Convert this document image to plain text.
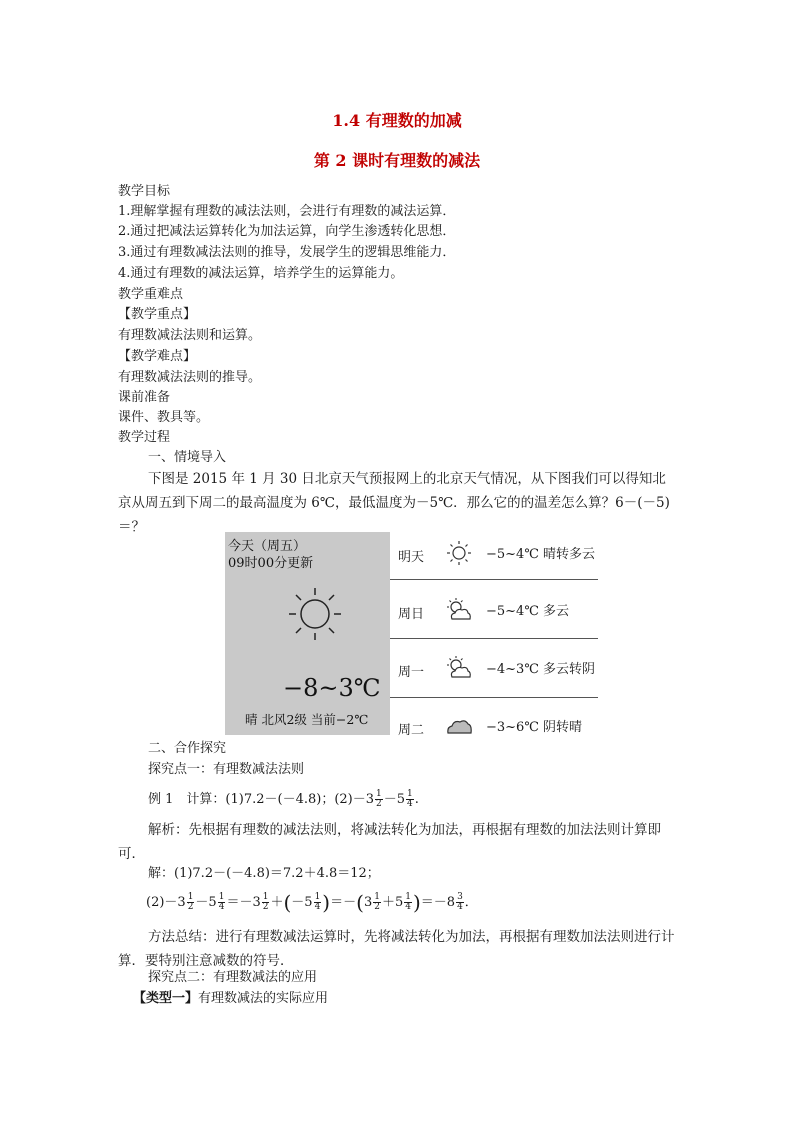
1.4 有理数的加减
第 2 课时有理数的减法
教学目标
1.理解掌握有理数的减法法则，会进行有理数的减法运算．
2.通过把减法运算转化为加法运算，向学生渗透转化思想．
3.通过有理数减法法则的推导，发展学生的逻辑思维能力．
4.通过有理数的减法运算，培养学生的运算能力。
教学重难点
【教学重点】
有理数减法法则和运算。
【教学难点】
有理数减法法则的推导。
课前准备
课件、教具等。
教学过程
一、情境导入
下图是 2015 年 1 月 30 日北京天气预报网上的北京天气情况，从下图我们可以得知北京从周五到下周二的最高温度为 6℃，最低温度为－5℃．那么它的的温差怎么算？6－(－5)＝？
今天（周五）
09时00分更新
−8~3℃
晴 北风2级 当前−2℃
明天	−5~4℃ 晴转多云
周日	−5~4℃ 多云
周一	−4~3℃ 多云转阴
周二	−3~6℃ 阴转晴
二、合作探究
探究点一：有理数减法法则
例 1　计算：(1)7.2－(－4.8)；$(2)-3 \frac{1}{2} -5 \frac{1}{4}$ .
解析：先根据有理数的减法法则，将减法转化为加法，再根据有理数的加法法则计算即可．
解：(1)7.2－(－4.8)＝7.2＋4.8＝12；
$(2)-3 \frac{1}{2} -5 \frac{1}{4} =-3 \frac{1}{2} +(-5 \frac{1}{4} )=-(3 \frac{1}{2} +5 \frac{1}{4} )=-8 \frac{3}{4}$ ．
方法总结：进行有理数减法运算时，先将减法转化为加法，再根据有理数加法法则进行计算．要特别注意减数的符号．
探究点二：有理数减法的应用
【类型一】有理数减法的实际应用
